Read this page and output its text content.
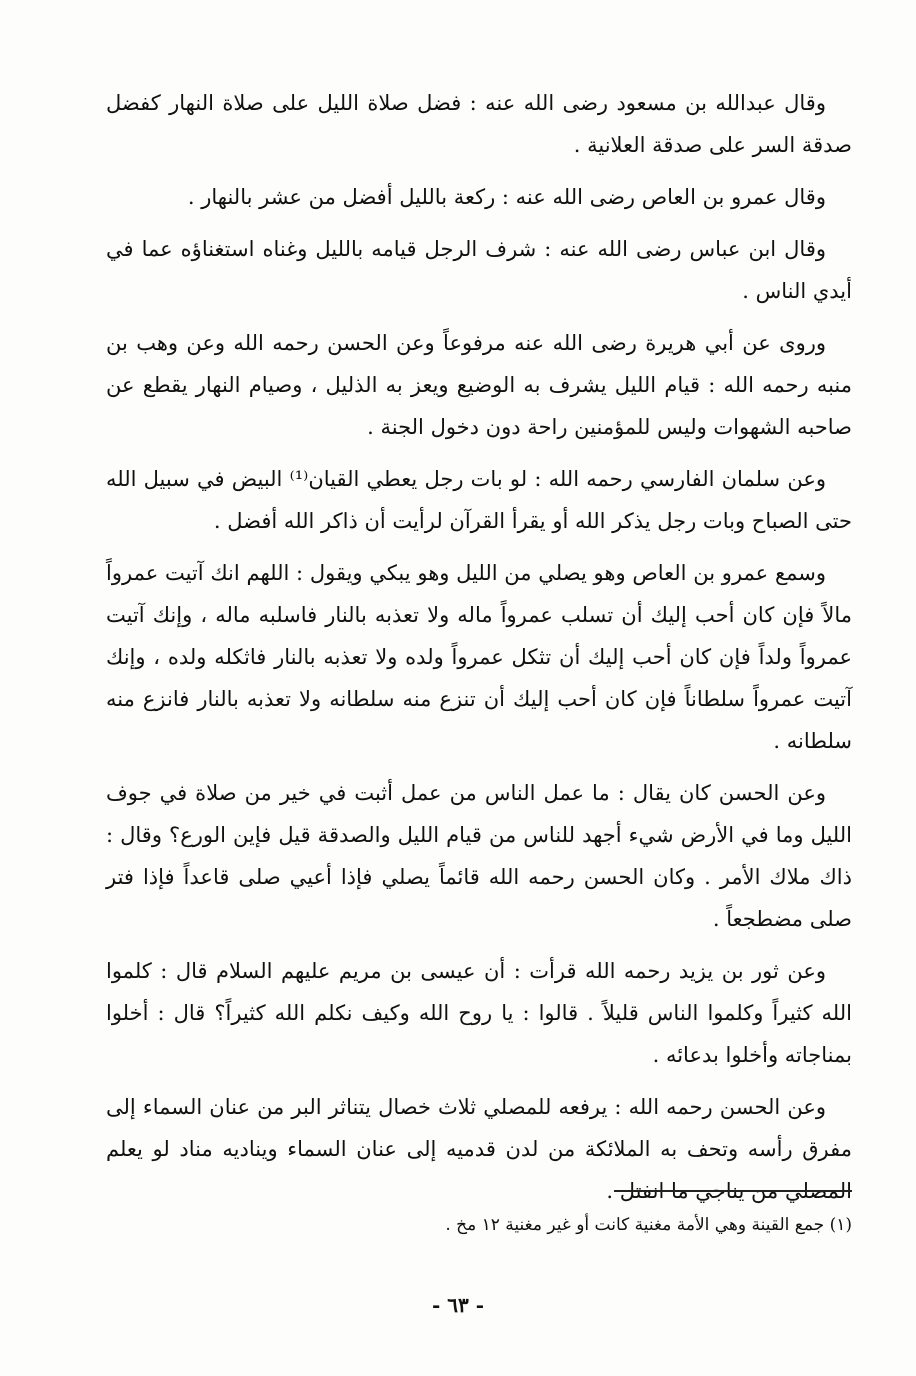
وقال عبدالله بن مسعود رضى الله عنه : فضل صلاة الليل على صلاة النهار كفضل صدقة السر على صدقة العلانية .

وقال عمرو بن العاص رضى الله عنه : ركعة بالليل أفضل من عشر بالنهار .

وقال ابن عباس رضى الله عنه : شرف الرجل قيامه بالليل وغناه استغناؤه عما في أيدي الناس .

وروى عن أبي هريرة رضى الله عنه مرفوعاً وعن الحسن رحمه الله وعن وهب بن منبه رحمه الله : قيام الليل يشرف به الوضيع ويعز به الذليل ، وصيام النهار يقطع عن صاحبه الشهوات وليس للمؤمنين راحة دون دخول الجنة .

وعن سلمان الفارسي رحمه الله : لو بات رجل يعطي القيان⁽¹⁾ البيض في سبيل الله حتى الصباح وبات رجل يذكر الله أو يقرأ القرآن لرأيت أن ذاكر الله أفضل .

وسمع عمرو بن العاص وهو يصلي من الليل وهو يبكي ويقول : اللهم انك آتيت عمرواً مالاً فإن كان أحب إليك أن تسلب عمرواً ماله ولا تعذبه بالنار فاسلبه ماله ، وإنك آتيت عمرواً ولداً فإن كان أحب إليك أن تثكل عمرواً ولده ولا تعذبه بالنار فاثكله ولده ، وإنك آتيت عمرواً سلطاناً فإن كان أحب إليك أن تنزع منه سلطانه ولا تعذبه بالنار فانزع منه سلطانه .

وعن الحسن كان يقال : ما عمل الناس من عمل أثبت في خير من صلاة في جوف الليل وما في الأرض شيء أجهد للناس من قيام الليل والصدقة قيل فإين الورع؟ وقال : ذاك ملاك الأمر . وكان الحسن رحمه الله قائماً يصلي فإذا أعيي صلى قاعداً فإذا فتر صلى مضطجعاً .

وعن ثور بن يزيد رحمه الله قرأت : أن عيسى بن مريم عليهم السلام قال : كلموا الله كثيراً وكلموا الناس قليلاً . قالوا : يا روح الله وكيف نكلم الله كثيراً؟ قال : أخلوا بمناجاته وأخلوا بدعائه .

وعن الحسن رحمه الله : يرفعه للمصلي ثلاث خصال يتناثر البر من عنان السماء إلى مفرق رأسه وتحف به الملائكة من لدن قدميه إلى عنان السماء ويناديه مناد لو يعلم المصلي من يناجي ما انفتل .

(١) جمع القينة وهي الأمة مغنية كانت أو غير مغنية ١٢ مخ .
- ٦٣ -
